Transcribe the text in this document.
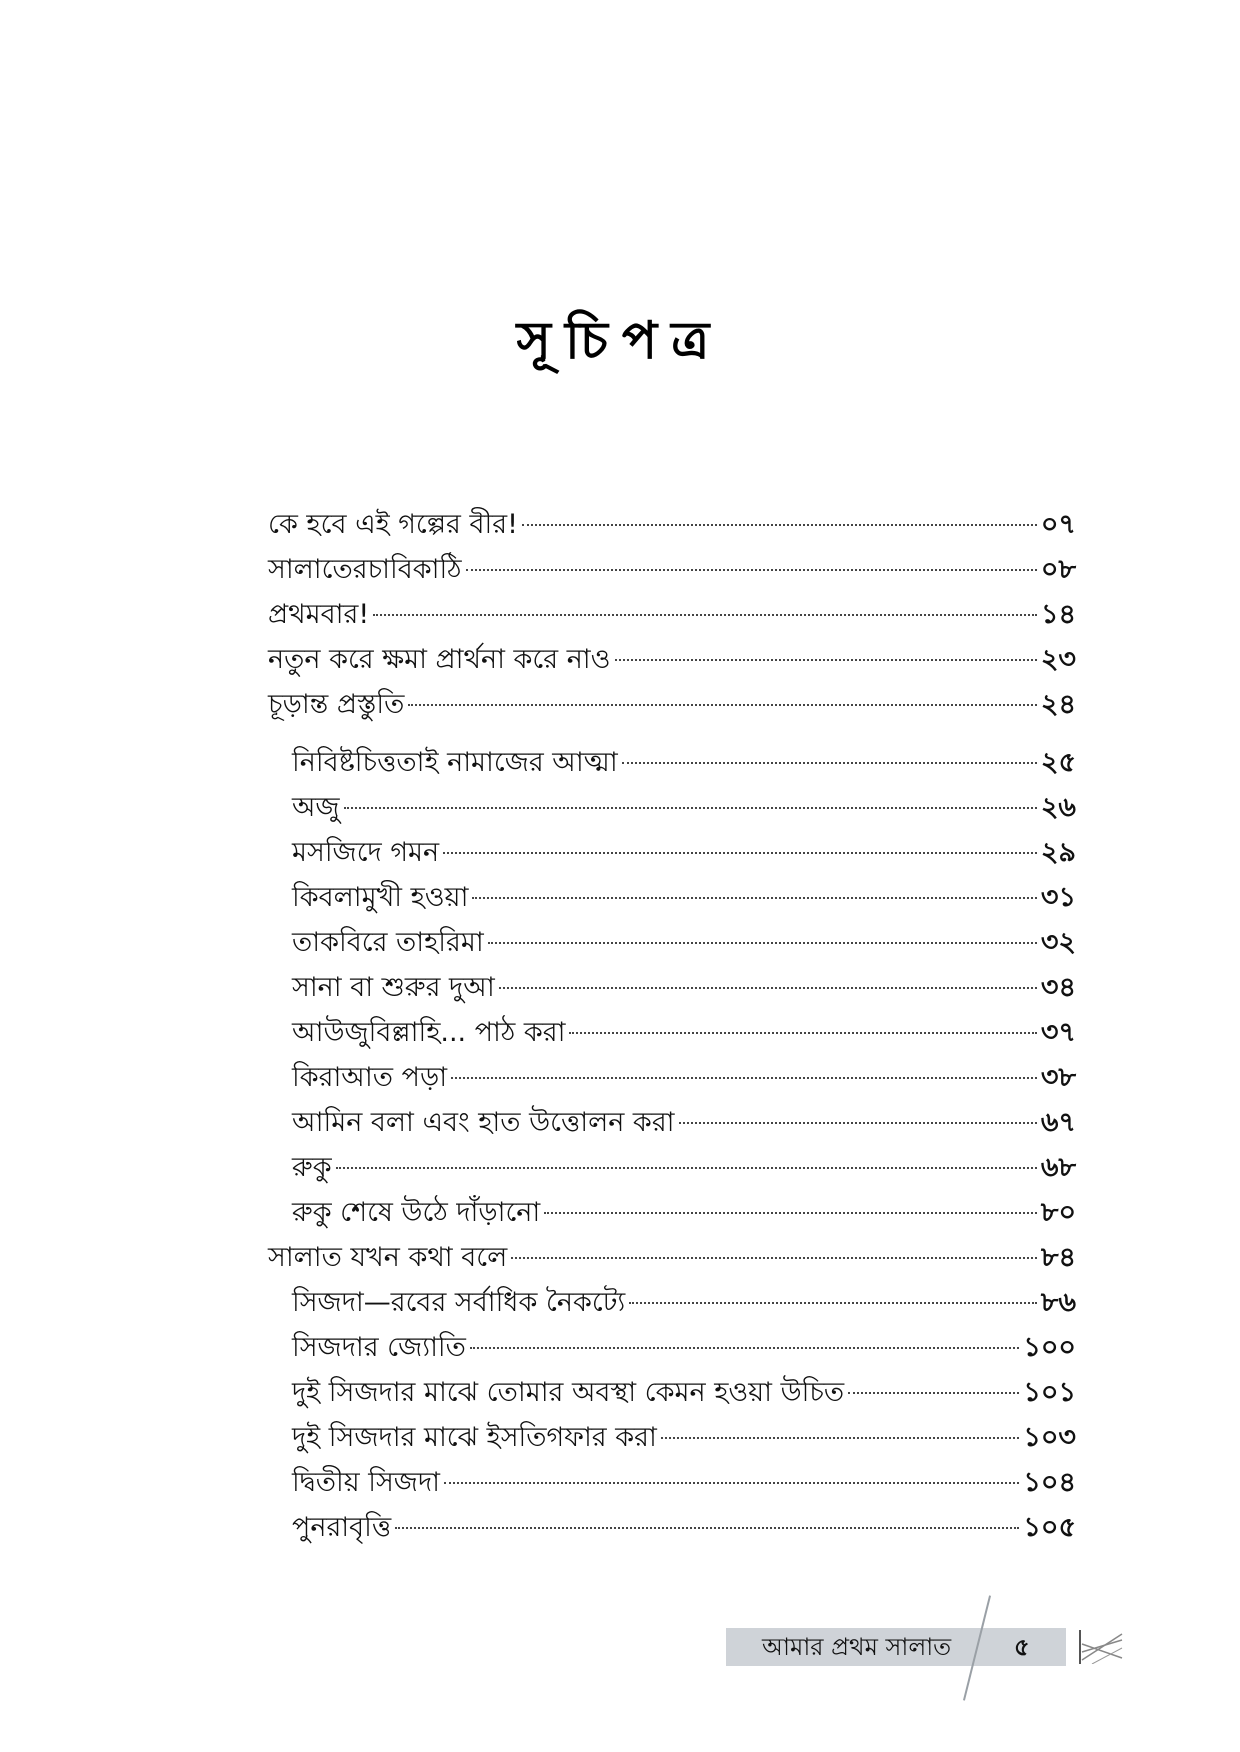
সূচিপত্র
কে হবে এই গল্পের বীর!	০৭
সালাতেরচাবিকাঠি	০৮
প্রথমবার!	১৪
নতুন করে ক্ষমা প্রার্থনা করে নাও	২৩
চূড়ান্ত প্রস্তুতি	২৪
নিবিষ্টচিত্ততাই নামাজের আত্মা	২৫
অজু	২৬
মসজিদে গমন	২৯
কিবলামুখী হওয়া	৩১
তাকবিরে তাহরিমা	৩২
সানা বা শুরুর দুআ	৩৪
আউজুবিল্লাহি... পাঠ করা	৩৭
কিরাআত পড়া	৩৮
আমিন বলা এবং হাত উত্তোলন করা	৬৭
রুকু	৬৮
রুকু শেষে উঠে দাঁড়ানো	৮০
সালাত যখন কথা বলে	৮৪
সিজদা—রবের সর্বাধিক নৈকট্যে	৮৬
সিজদার জ্যোতি	১০০
দুই সিজদার মাঝে তোমার অবস্থা কেমন হওয়া উচিত	১০১
দুই সিজদার মাঝে ইসতিগফার করা	১০৩
দ্বিতীয় সিজদা	১০৪
পুনরাবৃত্তি	১০৫
আমার প্রথম সালাত	৫
